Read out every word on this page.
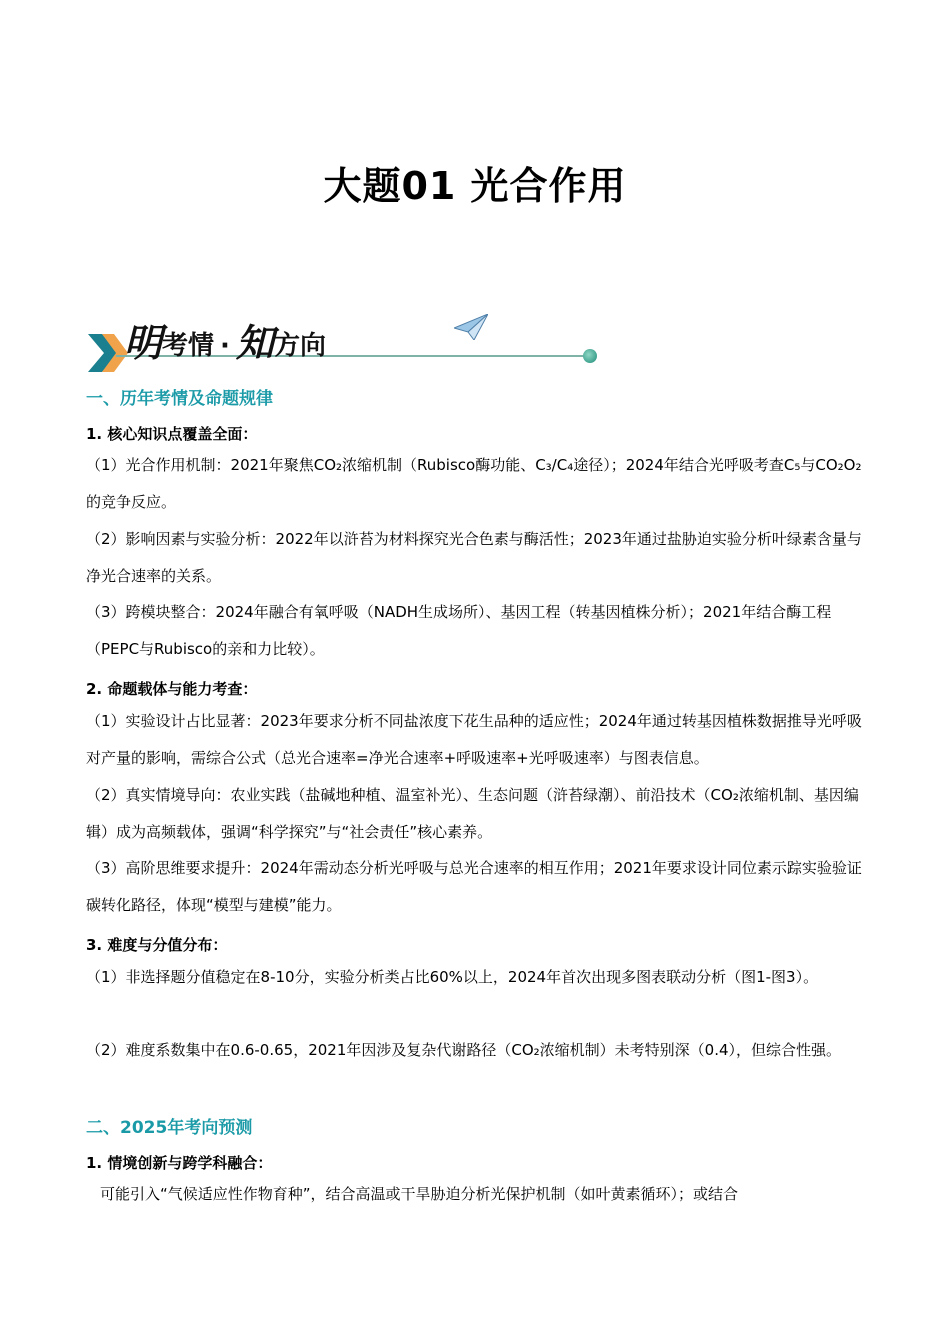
大题01 光合作用
明考情 · 知方向
一、历年考情及命题规律
1. 核心知识点覆盖全面：

（1）光合作用机制：2021年聚焦CO₂浓缩机制（Rubisco酶功能、C₃/C₄途径）；2024年结合光呼吸考查C₅与CO₂O₂的竞争反应。

（2）影响因素与实验分析：2022年以浒苔为材料探究光合色素与酶活性；2023年通过盐胁迫实验分析叶绿素含量与净光合速率的关系。

（3）跨模块整合：2024年融合有氧呼吸（NADH生成场所）、基因工程（转基因植株分析）；2021年结合酶工程（PEPC与Rubisco的亲和力比较）。

2. 命题载体与能力考查：

（1）实验设计占比显著：2023年要求分析不同盐浓度下花生品种的适应性；2024年通过转基因植株数据推导光呼吸对产量的影响，需综合公式（总光合速率=净光合速率+呼吸速率+光呼吸速率）与图表信息。

（2）真实情境导向：农业实践（盐碱地种植、温室补光）、生态问题（浒苔绿潮）、前沿技术（CO₂浓缩机制、基因编辑）成为高频载体，强调“科学探究”与“社会责任”核心素养。

（3）高阶思维要求提升：2024年需动态分析光呼吸与总光合速率的相互作用；2021年要求设计同位素示踪实验验证碳转化路径，体现“模型与建模”能力。

3. 难度与分值分布：

（1）非选择题分值稳定在8-10分，实验分析类占比60%以上，2024年首次出现多图表联动分析（图1-图3）。

（2）难度系数集中在0.6-0.65，2021年因涉及复杂代谢路径（CO₂浓缩机制）未考特别深（0.4），但综合性强。

二、2025年考向预测
1. 情境创新与跨学科融合：

可能引入“气候适应性作物育种”，结合高温或干旱胁迫分析光保护机制（如叶黄素循环）；或结合
